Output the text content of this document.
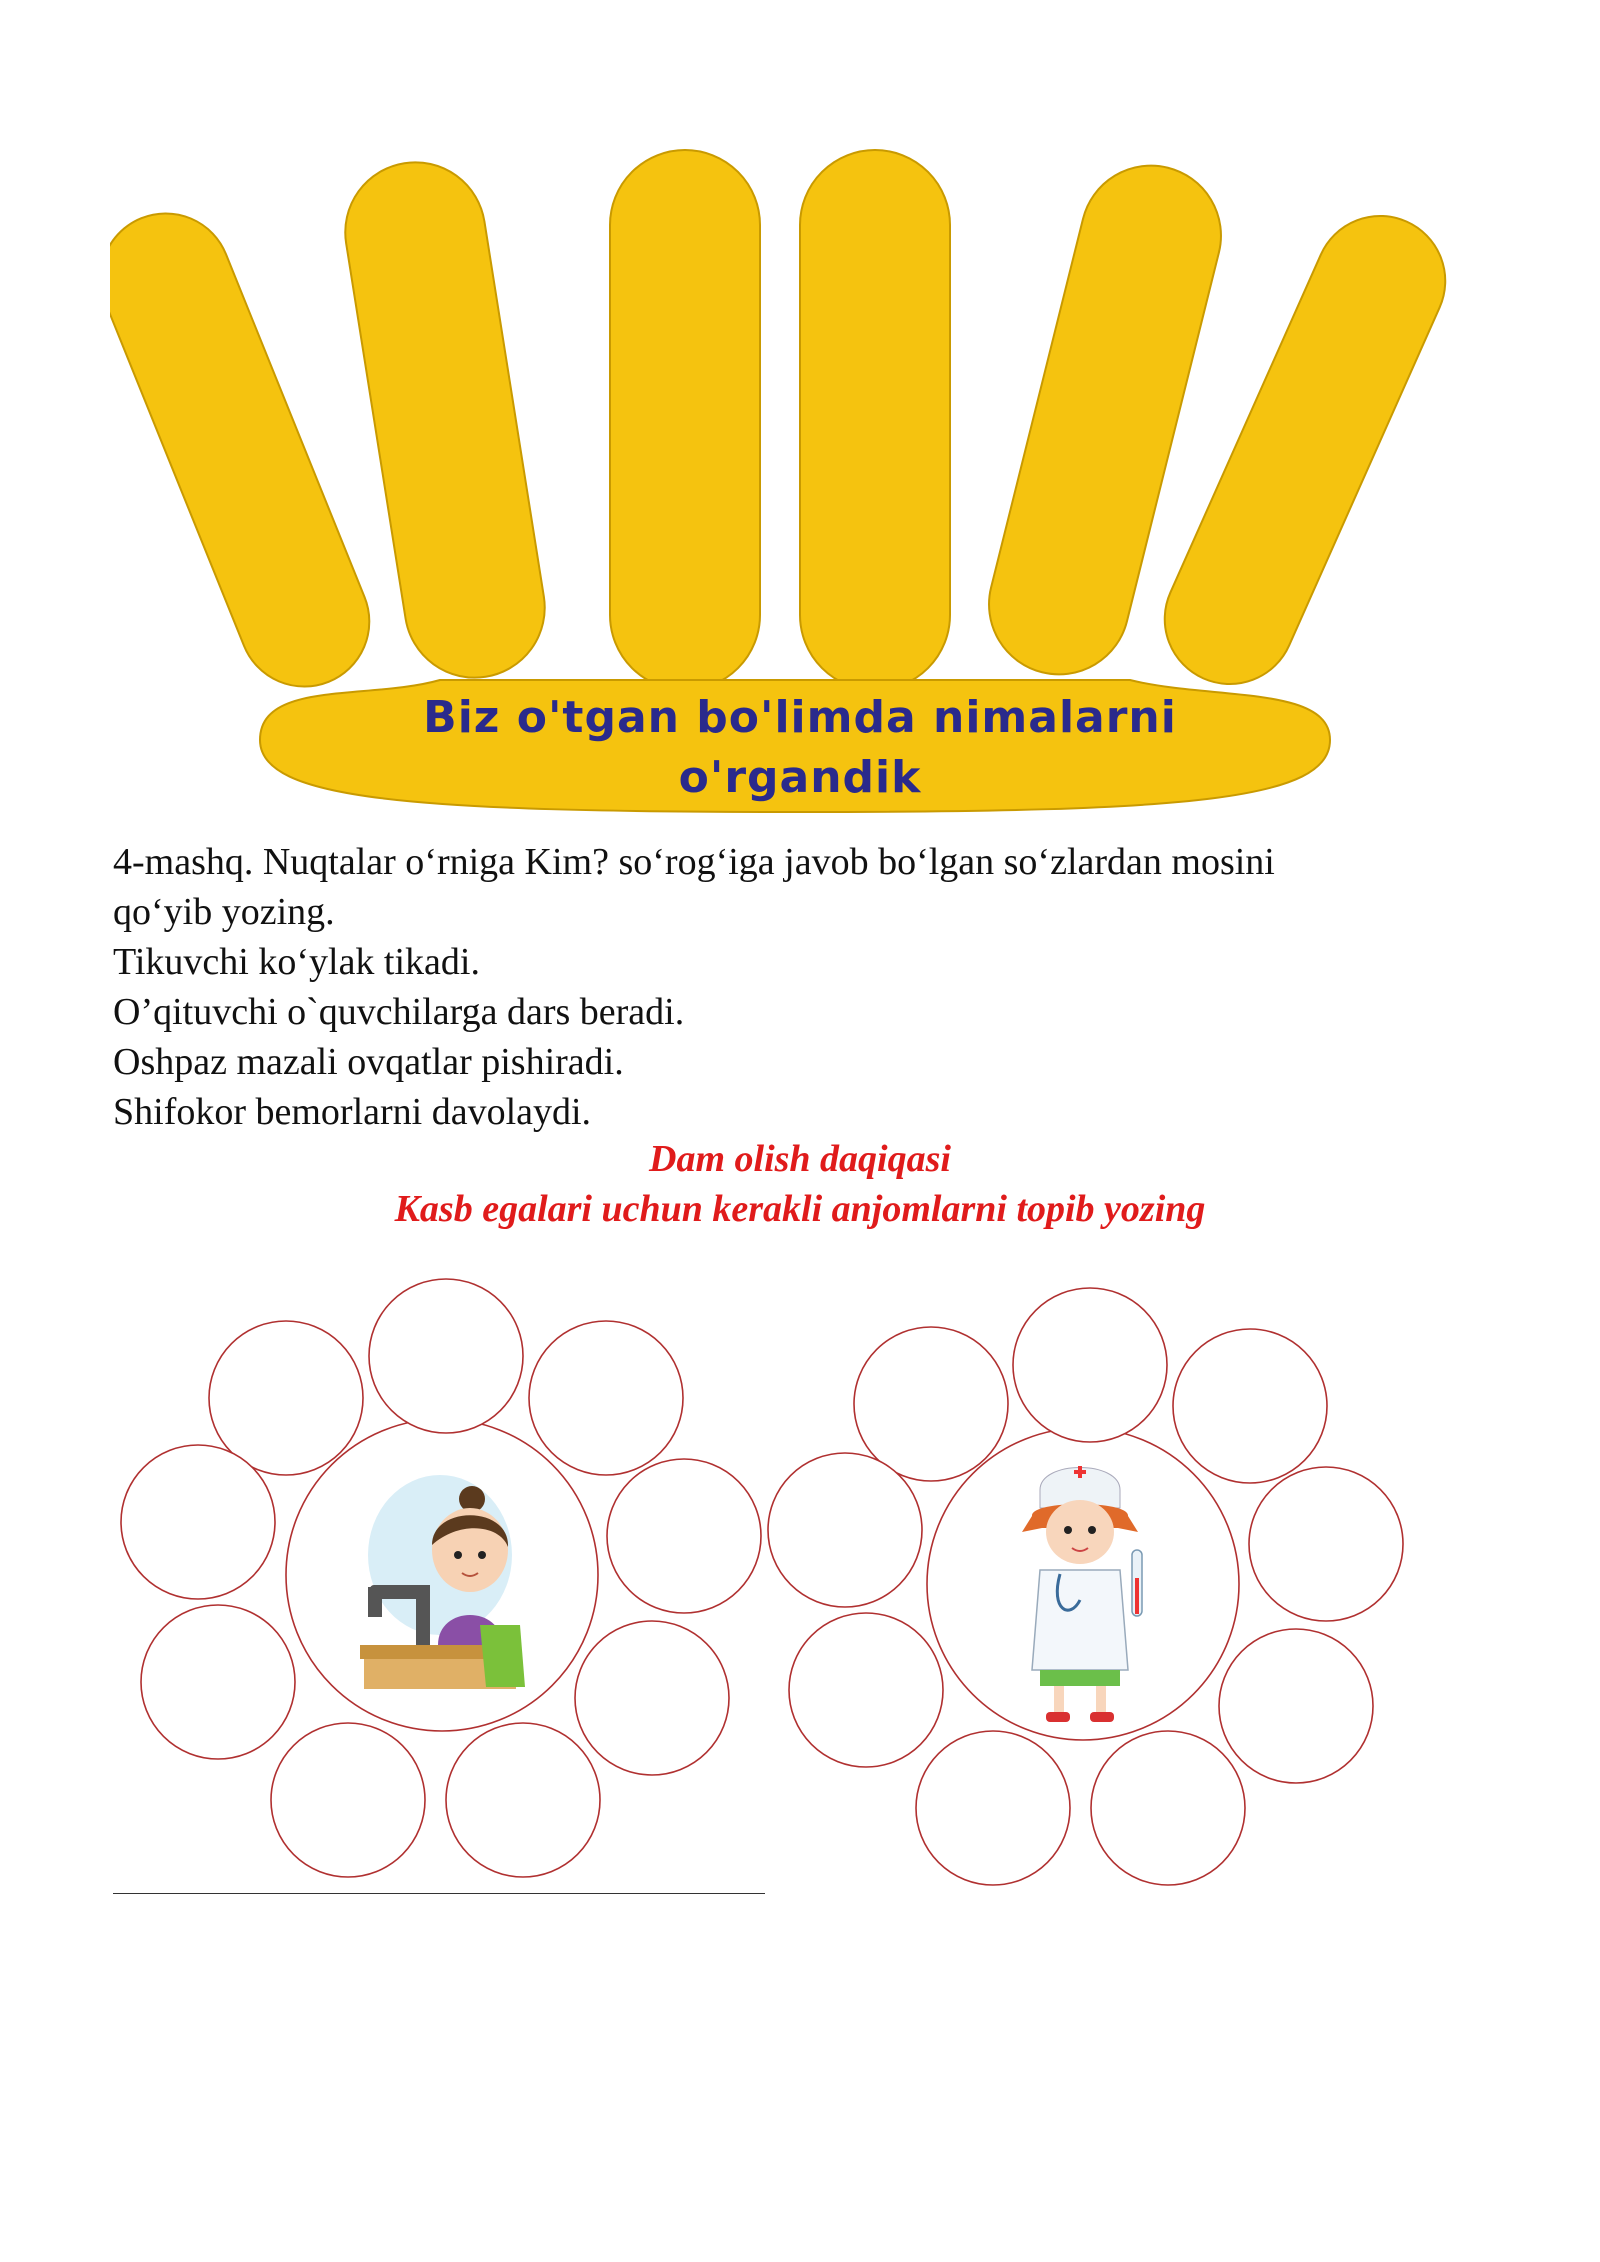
Biz o'tgan bo'limda nimalarni
o'rgandik
4-mashq. Nuqtalar o‘rniga Kim? so‘rog‘iga javob bo‘lgan so‘zlardan mosini
qo‘yib yozing.
Tikuvchi ko‘ylak tikadi.
O’qituvchi o`quvchilarga dars beradi.
Oshpaz mazali ovqatlar pishiradi.
Shifokor bemorlarni davolaydi.
Dam olish daqiqasi
Kasb egalari uchun kerakli anjomlarni topib yozing
